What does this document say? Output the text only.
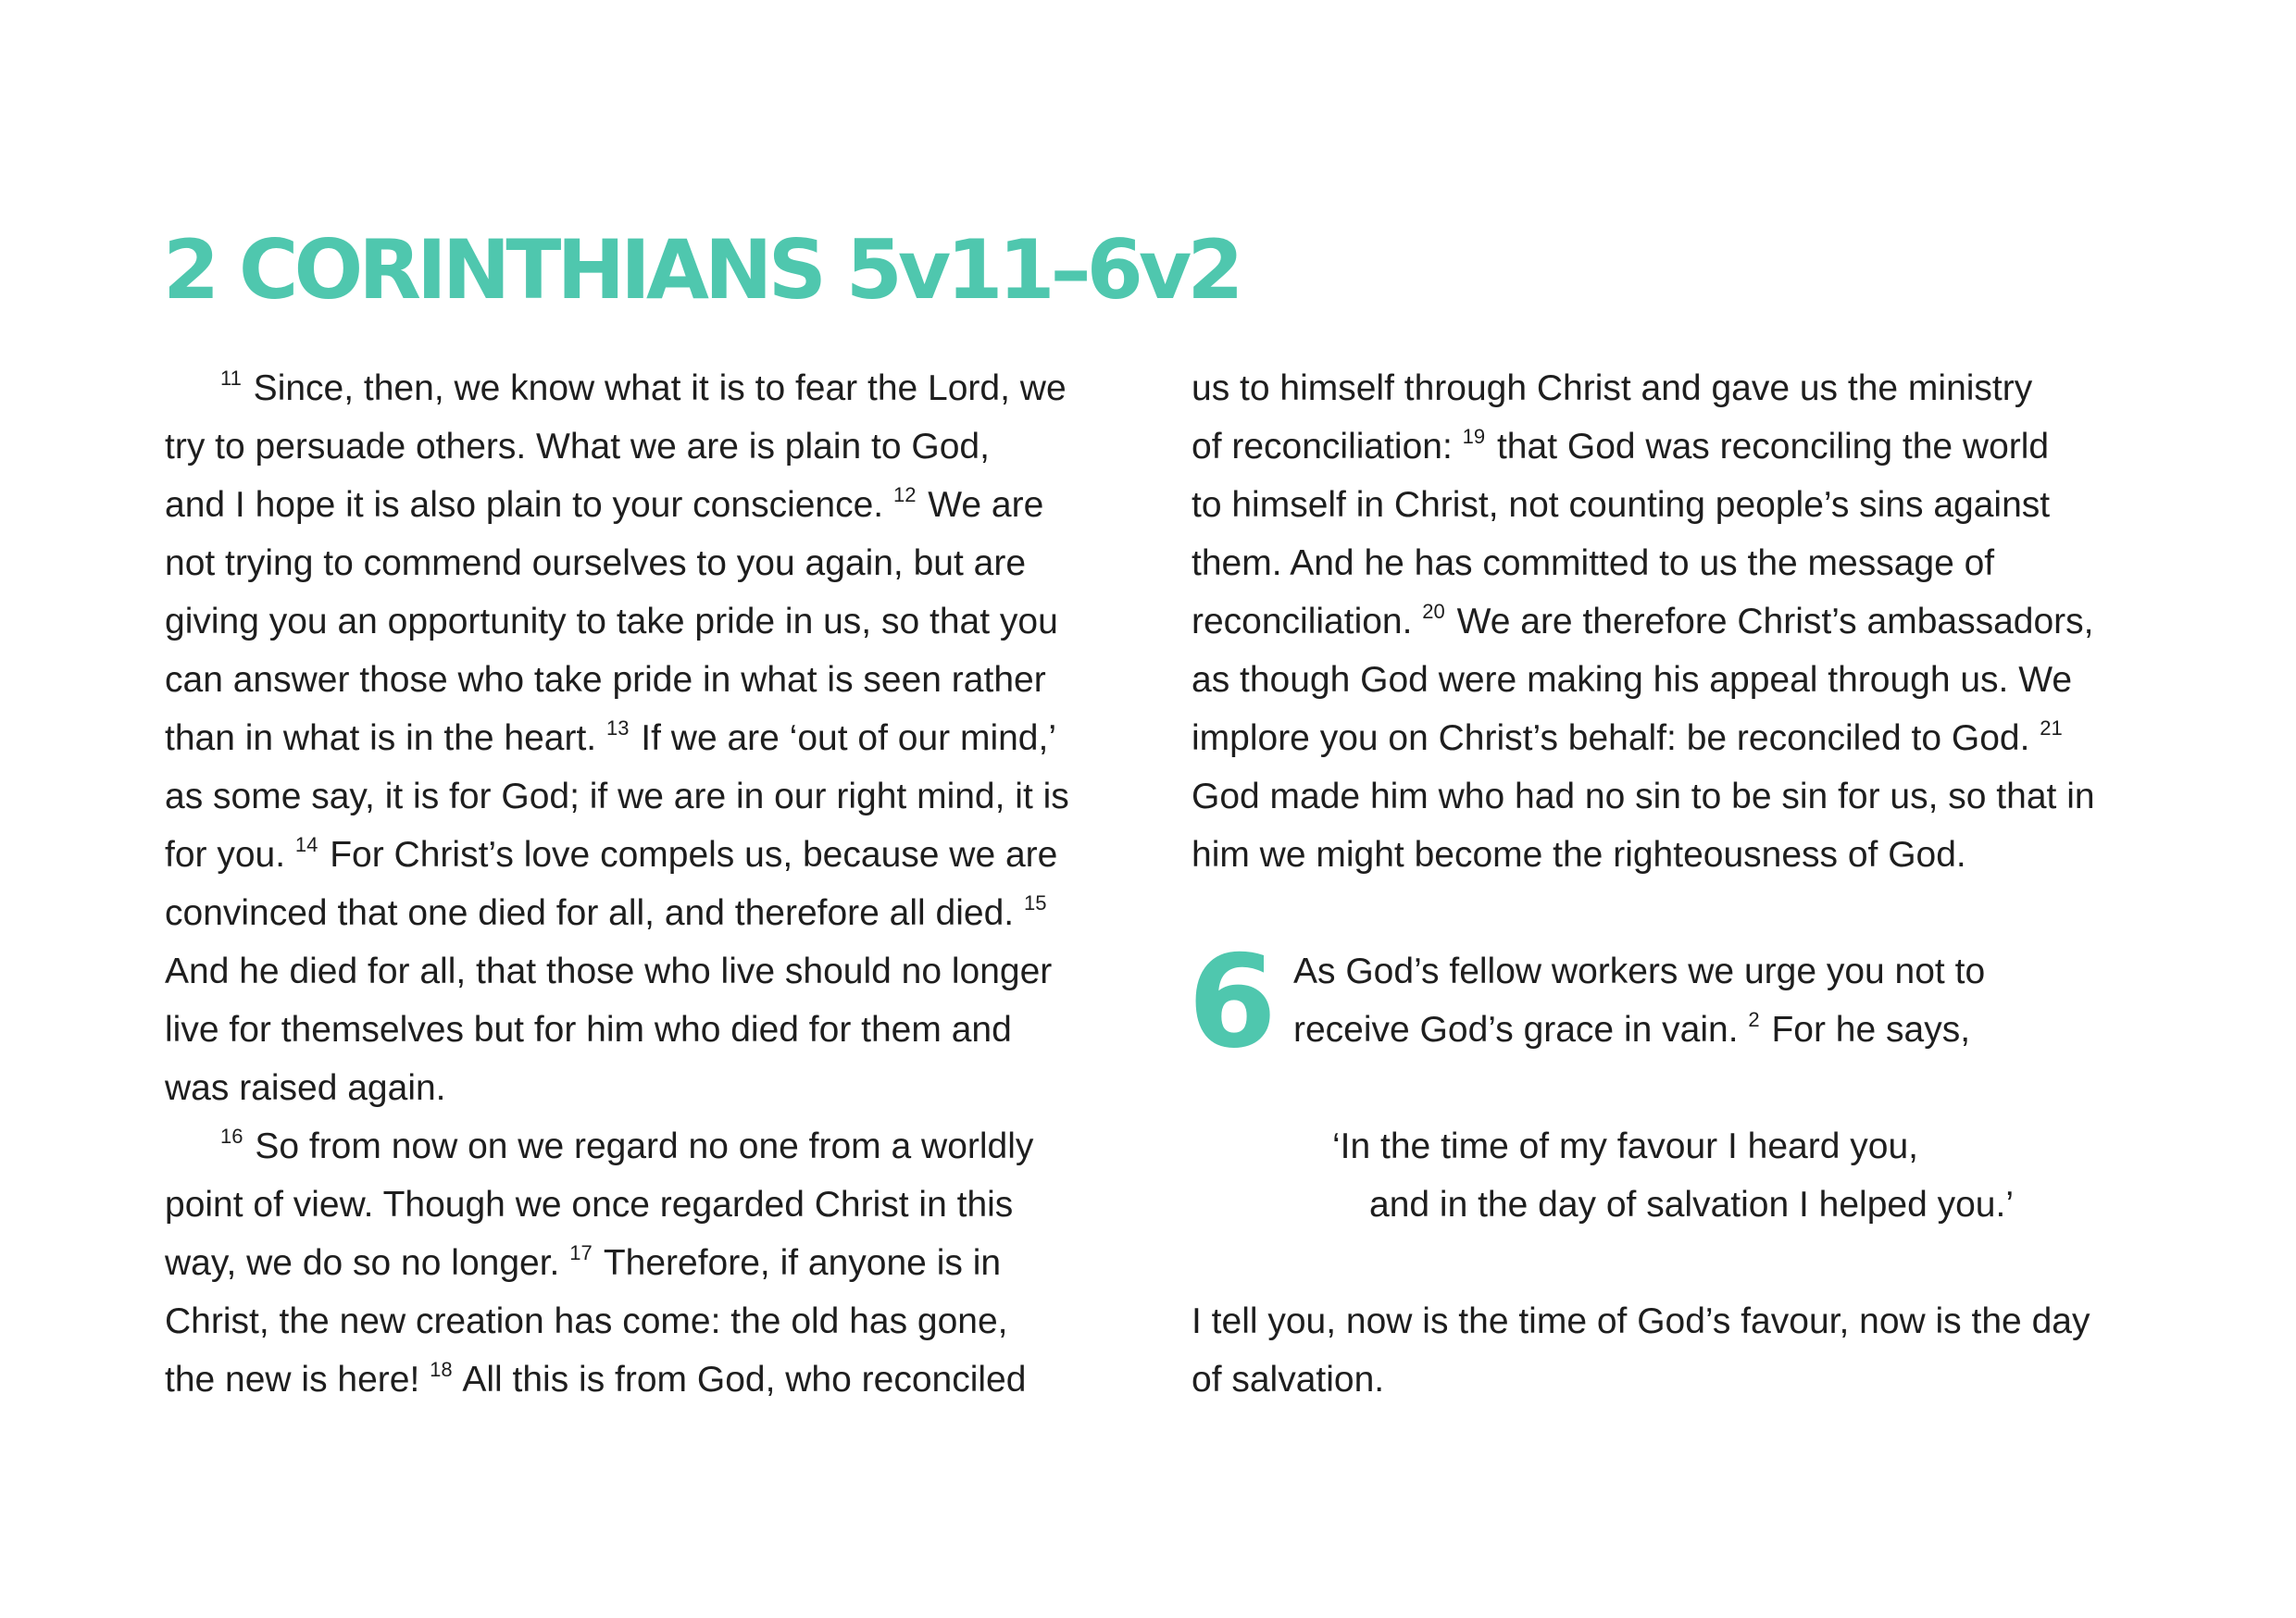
2 CORINTHIANS 5v11–6v2
$^{11}$ Since, then, we know what it is to fear the Lord, we
try to persuade others. What we are is plain to God,
and I hope it is also plain to your conscience. $^{12}$ We are
not trying to commend ourselves to you again, but are
giving you an opportunity to take pride in us, so that you
can answer those who take pride in what is seen rather
than in what is in the heart. $^{13}$ If we are ‘out of our mind,’
as some say, it is for God; if we are in our right mind, it is
for you. $^{14}$ For Christ’s love compels us, because we are
convinced that one died for all, and therefore all died. $^{15}$
And he died for all, that those who live should no longer
live for themselves but for him who died for them and
was raised again.
$^{16}$ So from now on we regard no one from a worldly
point of view. Though we once regarded Christ in this
way, we do so no longer. $^{17}$ Therefore, if anyone is in
Christ, the new creation has come: the old has gone,
the new is here! $^{18}$ All this is from God, who reconciled
us to himself through Christ and gave us the ministry
of reconciliation: $^{19}$ that God was reconciling the world
to himself in Christ, not counting people’s sins against
them. And he has committed to us the message of
reconciliation. $^{20}$ We are therefore Christ’s ambassadors,
as though God were making his appeal through us. We
implore you on Christ’s behalf: be reconciled to God. $^{21}$
God made him who had no sin to be sin for us, so that in
him we might become the righteousness of God.
6 As God’s fellow workers we urge you not to
receive God’s grace in vain. $^2$ For he says,
‘In the time of my favour I heard you,
and in the day of salvation I helped you.’
I tell you, now is the time of God’s favour, now is the day
of salvation.
